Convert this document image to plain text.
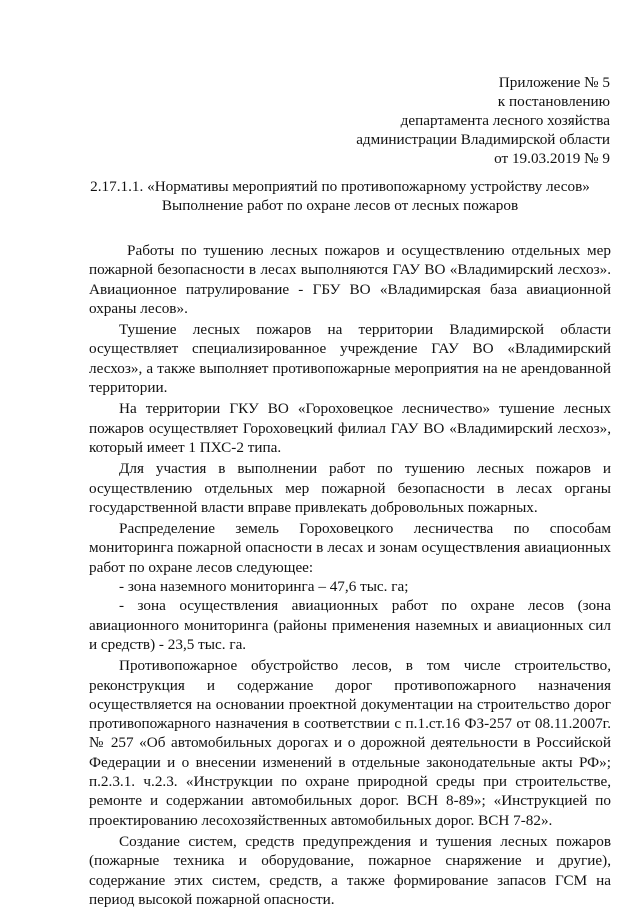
Приложение № 5
к постановлению
департамента лесного хозяйства
администрации Владимирской области
от 19.03.2019 № 9
2.17.1.1. «Нормативы мероприятий по противопожарному устройству лесов»
Выполнение работ по охране лесов от лесных пожаров

Работы по тушению лесных пожаров и осуществлению отдельных мер пожарной безопасности в лесах выполняются ГАУ ВО «Владимирский лесхоз». Авиационное патрулирование - ГБУ ВО «Владимирская база авиационной охраны лесов».

Тушение лесных пожаров на территории Владимирской области осуществляет специализированное учреждение ГАУ ВО «Владимирский лесхоз», а также выполняет противопожарные мероприятия на не арендованной территории.

На территории ГКУ ВО «Гороховецкое лесничество» тушение лесных пожаров осуществляет Гороховецкий филиал ГАУ ВО «Владимирский лесхоз», который имеет 1 ПХС-2 типа.

Для участия в выполнении работ по тушению лесных пожаров и осуществлению отдельных мер пожарной безопасности в лесах органы государственной власти вправе привлекать добровольных пожарных.

Распределение земель Гороховецкого лесничества по способам мониторинга пожарной опасности в лесах и зонам осуществления авиационных работ по охране лесов следующее:

- зона наземного мониторинга – 47,6 тыс. га;

- зона осуществления авиационных работ по охране лесов (зона авиационного мониторинга (районы применения наземных и авиационных сил и средств) - 23,5 тыс. га.

Противопожарное обустройство лесов, в том числе строительство, реконструкция и содержание дорог противопожарного назначения осуществляется на основании проектной документации на строительство дорог противопожарного назначения в соответствии с п.1.ст.16 ФЗ-257 от 08.11.2007г. № 257 «Об автомобильных дорогах и о дорожной деятельности в Российской Федерации и о внесении изменений в отдельные законодательные акты РФ»; п.2.3.1. ч.2.3. «Инструкции по охране природной среды при строительстве, ремонте и содержании автомобильных дорог. ВСН 8-89»; «Инструкцией по проектированию лесохозяйственных автомобильных дорог. ВСН 7-82».

Создание систем, средств предупреждения и тушения лесных пожаров (пожарные техника и оборудование, пожарное снаряжение и другие), содержание этих систем, средств, а также формирование запасов ГСМ на период высокой пожарной опасности.
